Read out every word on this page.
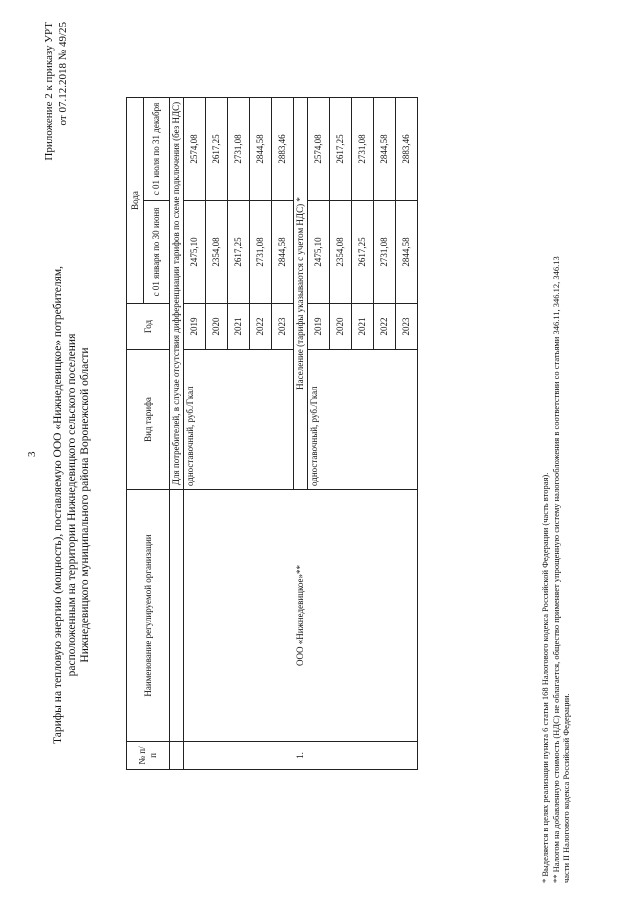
3
Приложение 2 к приказу УРТ от 07.12.2018 № 49/25
Тарифы на тепловую энергию (мощность), поставляемую ООО «Нижнедевицкое» потребителям, расположенным на территории Нижнедевицкого сельского поселения Нижнедевицкого муниципального района Воронежской области
№ п/п	Наименование регулируемой организации	Вид тарифа	Год	Вода	
				с 01 января по 30 июня	с 01 июля по 31 декабря
		Для потребителей, в случае отсутствия дифференциации тарифов по схеме подключения (без НДС)			
1.	ООО «Нижнедевицкое»**	одноставочный, руб./Гкал	2019	2475,10	2574,08
			2020	2354,08	2617,25
			2021	2617,25	2731,08
			2022	2731,08	2844,58
			2023	2844,58	2883,46
		Население (тарифы указываются с учетом НДС) *			
		одноставочный, руб./Гкал	2019	2475,10	2574,08
			2020	2354,08	2617,25
			2021	2617,25	2731,08
			2022	2731,08	2844,58
			2023	2844,58	2883,46
* Выделяется в целях реализации пункта 6 статьи 168 Налогового кодекса Российской Федерации (часть вторая). ** Налогом на добавленную стоимость (НДС) не облагается, общество применяет упрощенную систему налогообложения в соответствии со статьями 346.11, 346.12, 346.13 части II Налогового кодекса Российской Федерации.
